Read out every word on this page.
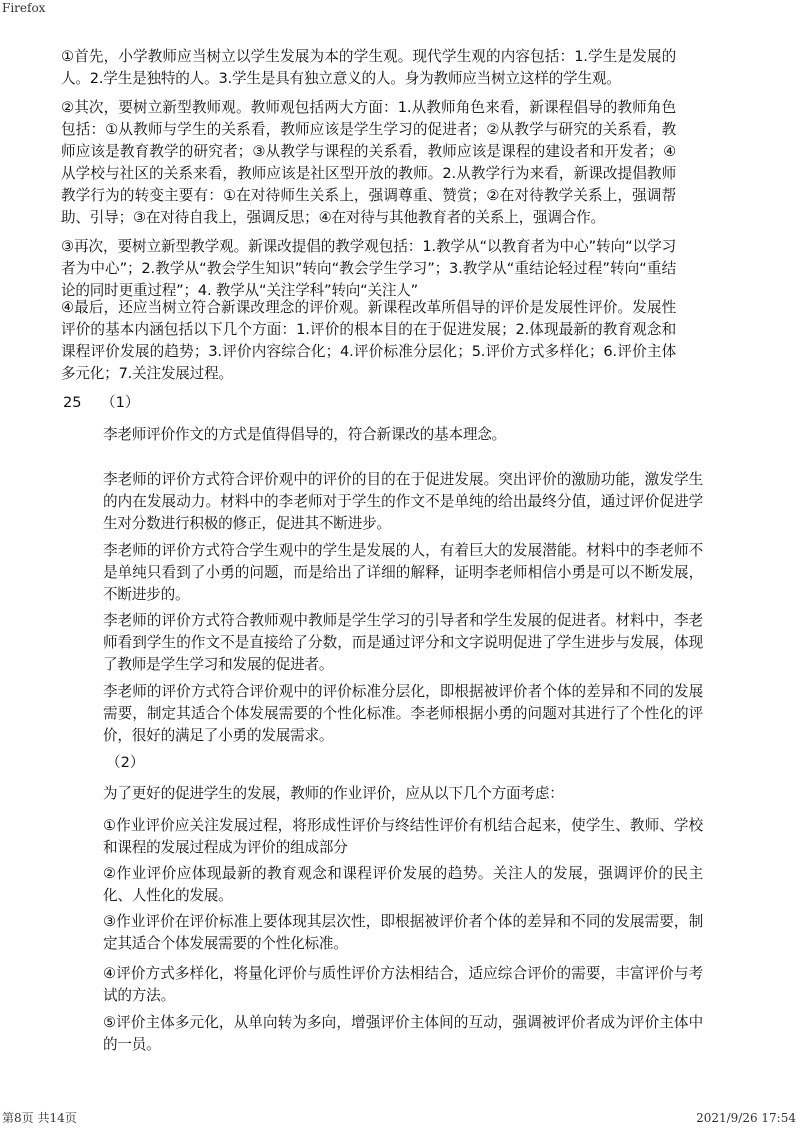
Firefox

①首先，小学教师应当树立以学生发展为本的学生观。现代学生观的内容包括：1.学生是发展的人。2.学生是独特的人。3.学生是具有独立意义的人。身为教师应当树立这样的学生观。

②其次，要树立新型教师观。教师观包括两大方面：1.从教师角色来看，新课程倡导的教师角色包括：①从教师与学生的关系看，教师应该是学生学习的促进者；②从教学与研究的关系看，教师应该是教育教学的研究者；③从教学与课程的关系看，教师应该是课程的建设者和开发者；④从学校与社区的关系来看，教师应该是社区型开放的教师。2.从教学行为来看，新课改提倡教师教学行为的转变主要有：①在对待师生关系上，强调尊重、赞赏；②在对待教学关系上，强调帮助、引导；③在对待自我上，强调反思；④在对待与其他教育者的关系上，强调合作。

③再次，要树立新型教学观。新课改提倡的教学观包括：1.教学从“以教育者为中心”转向“以学习者为中心”；2.教学从“教会学生知识”转向“教会学生学习”；3.教学从“重结论轻过程”转向“重结论的同时更重过程”；4. 教学从“关注学科”转向“关注人”

④最后，还应当树立符合新课改理念的评价观。新课程改革所倡导的评价是发展性评价。发展性评价的基本内涵包括以下几个方面：1.评价的根本目的在于促进发展；2.体现最新的教育观念和课程评价发展的趋势；3.评价内容综合化；4.评价标准分层化；5.评价方式多样化；6.评价主体多元化；7.关注发展过程。

25 （1）

李老师评价作文的方式是值得倡导的，符合新课改的基本理念。

李老师的评价方式符合评价观中的评价的目的在于促进发展。突出评价的激励功能，激发学生的内在发展动力。材料中的李老师对于学生的作文不是单纯的给出最终分值，通过评价促进学生对分数进行积极的修正，促进其不断进步。

李老师的评价方式符合学生观中的学生是发展的人，有着巨大的发展潜能。材料中的李老师不是单纯只看到了小勇的问题，而是给出了详细的解释，证明李老师相信小勇是可以不断发展，不断进步的。

李老师的评价方式符合教师观中教师是学生学习的引导者和学生发展的促进者。材料中，李老师看到学生的作文不是直接给了分数，而是通过评分和文字说明促进了学生进步与发展，体现了教师是学生学习和发展的促进者。

李老师的评价方式符合评价观中的评价标准分层化，即根据被评价者个体的差异和不同的发展需要，制定其适合个体发展需要的个性化标准。李老师根据小勇的问题对其进行了个性化的评价，很好的满足了小勇的发展需求。

（2）

为了更好的促进学生的发展，教师的作业评价，应从以下几个方面考虑：

①作业评价应关注发展过程，将形成性评价与终结性评价有机结合起来，使学生、教师、学校和课程的发展过程成为评价的组成部分

②作业评价应体现最新的教育观念和课程评价发展的趋势。关注人的发展，强调评价的民主化、人性化的发展。

③作业评价在评价标准上要体现其层次性，即根据被评价者个体的差异和不同的发展需要，制定其适合个体发展需要的个性化标准。

④评价方式多样化，将量化评价与质性评价方法相结合，适应综合评价的需要，丰富评价与考试的方法。

⑤评价主体多元化，从单向转为多向，增强评价主体间的互动，强调被评价者成为评价主体中的一员。

第8页 共14页	2021/9/26 17:54
